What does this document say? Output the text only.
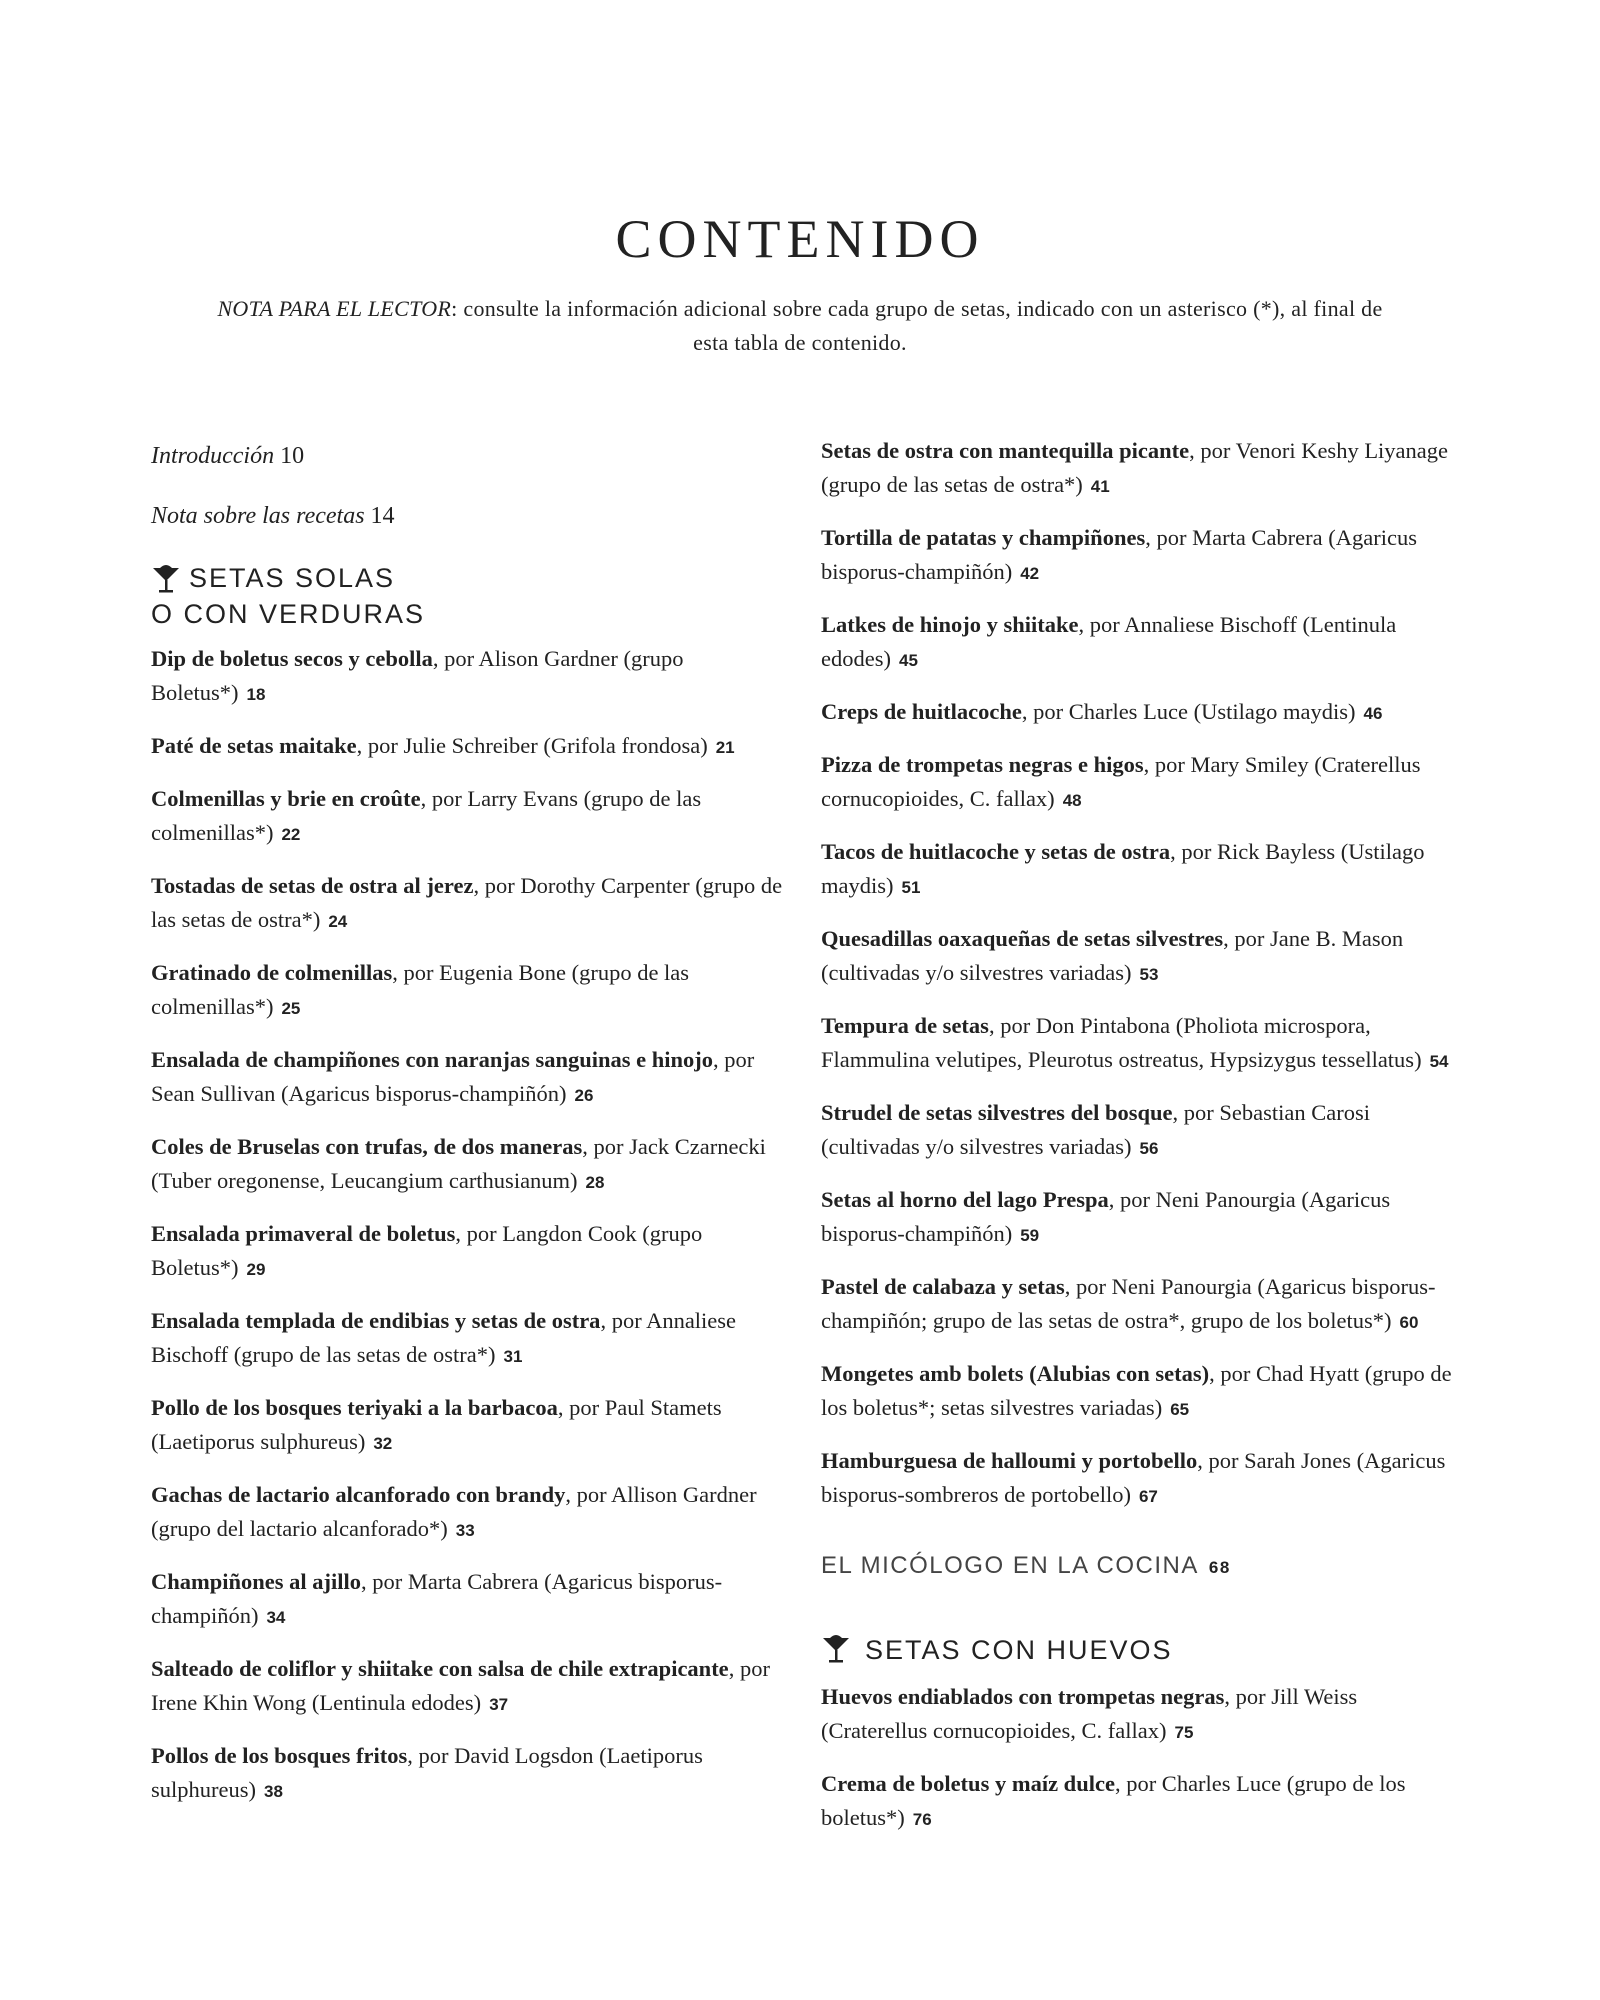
CONTENIDO
NOTA PARA EL LECTOR: consulte la información adicional sobre cada grupo de setas, indicado con un asterisco (*), al final de esta tabla de contenido.
Introducción 10
Nota sobre las recetas 14
SETAS SOLAS
O CON VERDURAS
Dip de boletus secos y cebolla, por Alison Gardner (grupo Boletus*) 18
Paté de setas maitake, por Julie Schreiber (Grifola frondosa) 21
Colmenillas y brie en croûte, por Larry Evans (grupo de las colmenillas*) 22
Tostadas de setas de ostra al jerez, por Dorothy Carpenter (grupo de las setas de ostra*) 24
Gratinado de colmenillas, por Eugenia Bone (grupo de las colmenillas*) 25
Ensalada de champiñones con naranjas sanguinas e hinojo, por Sean Sullivan (Agaricus bisporus-champiñón) 26
Coles de Bruselas con trufas, de dos maneras, por Jack Czarnecki (Tuber oregonense, Leucangium carthusianum) 28
Ensalada primaveral de boletus, por Langdon Cook (grupo Boletus*) 29
Ensalada templada de endibias y setas de ostra, por Annaliese Bischoff (grupo de las setas de ostra*) 31
Pollo de los bosques teriyaki a la barbacoa, por Paul Stamets (Laetiporus sulphureus) 32
Gachas de lactario alcanforado con brandy, por Allison Gardner (grupo del lactario alcanforado*) 33
Champiñones al ajillo, por Marta Cabrera (Agaricus bisporus-champiñón) 34
Salteado de coliflor y shiitake con salsa de chile extrapicante, por Irene Khin Wong (Lentinula edodes) 37
Pollos de los bosques fritos, por David Logsdon (Laetiporus sulphureus) 38
Setas de ostra con mantequilla picante, por Venori Keshy Liyanage (grupo de las setas de ostra*) 41
Tortilla de patatas y champiñones, por Marta Cabrera (Agaricus bisporus-champiñón) 42
Latkes de hinojo y shiitake, por Annaliese Bischoff (Lentinula edodes) 45
Creps de huitlacoche, por Charles Luce (Ustilago maydis) 46
Pizza de trompetas negras e higos, por Mary Smiley (Craterellus cornucopioides, C. fallax) 48
Tacos de huitlacoche y setas de ostra, por Rick Bayless (Ustilago maydis) 51
Quesadillas oaxaqueñas de setas silvestres, por Jane B. Mason (cultivadas y/o silvestres variadas) 53
Tempura de setas, por Don Pintabona (Pholiota microspora, Flammulina velutipes, Pleurotus ostreatus, Hypsizygus tessellatus) 54
Strudel de setas silvestres del bosque, por Sebastian Carosi (cultivadas y/o silvestres variadas) 56
Setas al horno del lago Prespa, por Neni Panourgia (Agaricus bisporus-champiñón) 59
Pastel de calabaza y setas, por Neni Panourgia (Agaricus bisporus-champiñón; grupo de las setas de ostra*, grupo de los boletus*) 60
Mongetes amb bolets (Alubias con setas), por Chad Hyatt (grupo de los boletus*; setas silvestres variadas) 65
Hamburguesa de halloumi y portobello, por Sarah Jones (Agaricus bisporus-sombreros de portobello) 67
EL MICÓLOGO EN LA COCINA 68
SETAS CON HUEVOS
Huevos endiablados con trompetas negras, por Jill Weiss (Craterellus cornucopioides, C. fallax) 75
Crema de boletus y maíz dulce, por Charles Luce (grupo de los boletus*) 76
